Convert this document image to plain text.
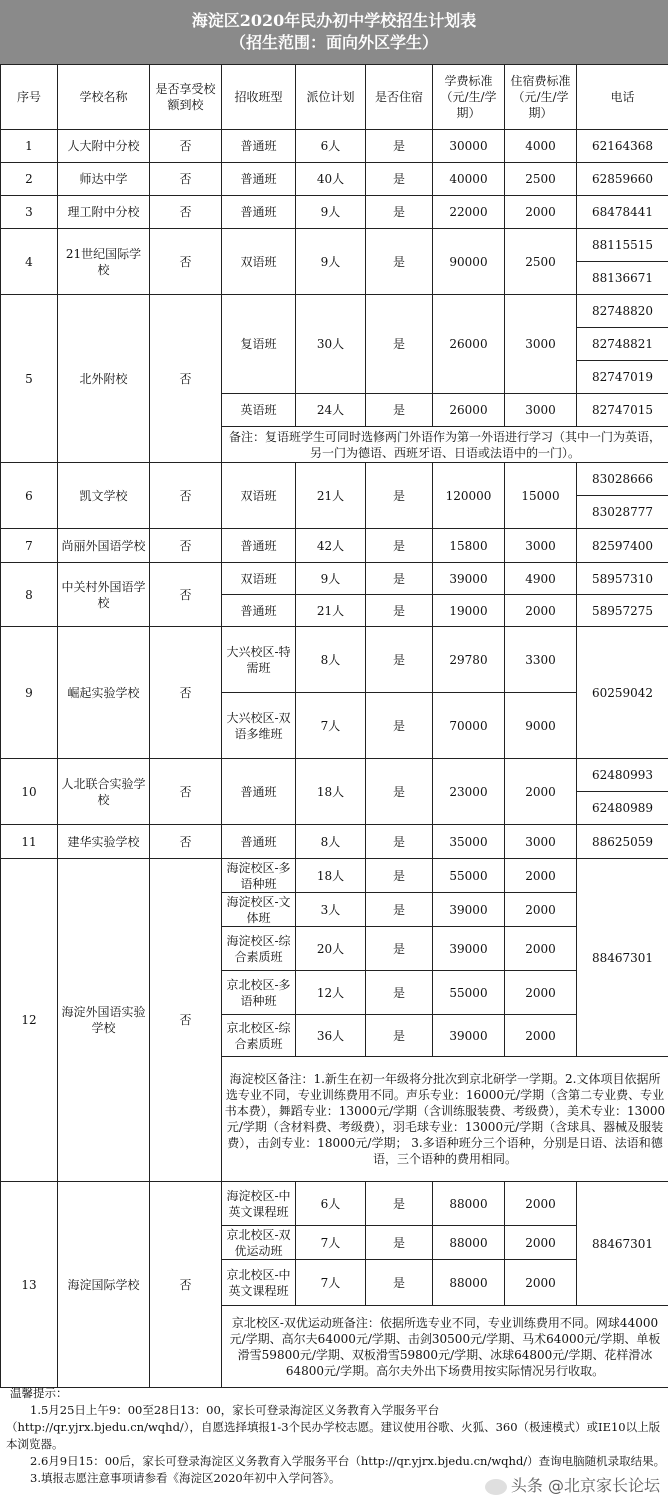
海淀区2020年民办初中学校招生计划表
（招生范围：面向外区学生）
序号	学校名称	是否享受校额到校	招收班型	派位计划	是否住宿	学费标准（元/生/学期）	住宿费标准（元/生/学期）	电话
1	人大附中分校	否	普通班	6人	是	30000	4000	62164368
2	师达中学	否	普通班	40人	是	40000	2500	62859660
3	理工附中分校	否	普通班	9人	是	22000	2000	68478441
4	21世纪国际学校	否	双语班	9人	是	90000	2500	88115515
								88136671
5	北外附校	否	复语班	30人	是	26000	3000	82748820
								82748821
								82747019
			英语班	24人	是	26000	3000	82747015
			备注：复语班学生可同时选修两门外语作为第一外语进行学习（其中一门为英语，另一门为德语、西班牙语、日语或法语中的一门）。					
6	凯文学校	否	双语班	21人	是	120000	15000	83028666
								83028777
7	尚丽外国语学校	否	普通班	42人	是	15800	3000	82597400
8	中关村外国语学校	否	双语班	9人	是	39000	4900	58957310
			普通班	21人	是	19000	2000	58957275
9	崛起实验学校	否	大兴校区-特需班	8人	是	29780	3300	60259042
			大兴校区-双语多维班	7人	是	70000	9000	
10	人北联合实验学校	否	普通班	18人	是	23000	2000	62480993
								62480989
11	建华实验学校	否	普通班	8人	是	35000	3000	88625059
12	海淀外国语实验学校	否	海淀校区-多语种班	18人	是	55000	2000	88467301
			海淀校区-文体班	3人	是	39000	2000	
			海淀校区-综合素质班	20人	是	39000	2000	
			京北校区-多语种班	12人	是	55000	2000	
			京北校区-综合素质班	36人	是	39000	2000	
			海淀校区备注：1.新生在初一年级将分批次到京北研学一学期。2.文体项目依据所选专业不同，专业训练费用不同。声乐专业：16000元/学期（含第二专业费、专业书本费），舞蹈专业：13000元/学期（含训练服装费、考级费），美术专业：13000元/学期（含材料费、考级费），羽毛球专业：13000元/学期（含球具、器械及服装费），击剑专业：18000元/学期； 3.多语种班分三个语种，分别是日语、法语和德语，三个语种的费用相同。					
13	海淀国际学校	否	海淀校区-中英文课程班	6人	是	88000	2000	88467301
			京北校区-双优运动班	7人	是	88000	2000	
			京北校区-中英文课程班	7人	是	88000	2000	
			京北校区-双优运动班备注：依据所选专业不同，专业训练费用不同。网球44000元/学期、高尔夫64000元/学期、击剑30500元/学期、马术64000元/学期、单板滑雪59800元/学期、双板滑雪59800元/学期、冰球64800元/学期、花样滑冰64800元/学期。高尔夫外出下场费用按实际情况另行收取。					
温馨提示：
1.5月25日上午9：00至28日13：00，家长可登录海淀区义务教育入学服务平台
（http://qr.yjrx.bjedu.cn/wqhd/），自愿选择填报1-3个民办学校志愿。建议使用谷歌、火狐、360（极速模式）或IE10以上版本浏览器。
2.6月9日15：00后，家长可登录海淀区义务教育入学服务平台（http://qr.yjrx.bjedu.cn/wqhd/）查询电脑随机录取结果。
3.填报志愿注意事项请参看《海淀区2020年初中入学问答》。	头条 @北京家长论坛
